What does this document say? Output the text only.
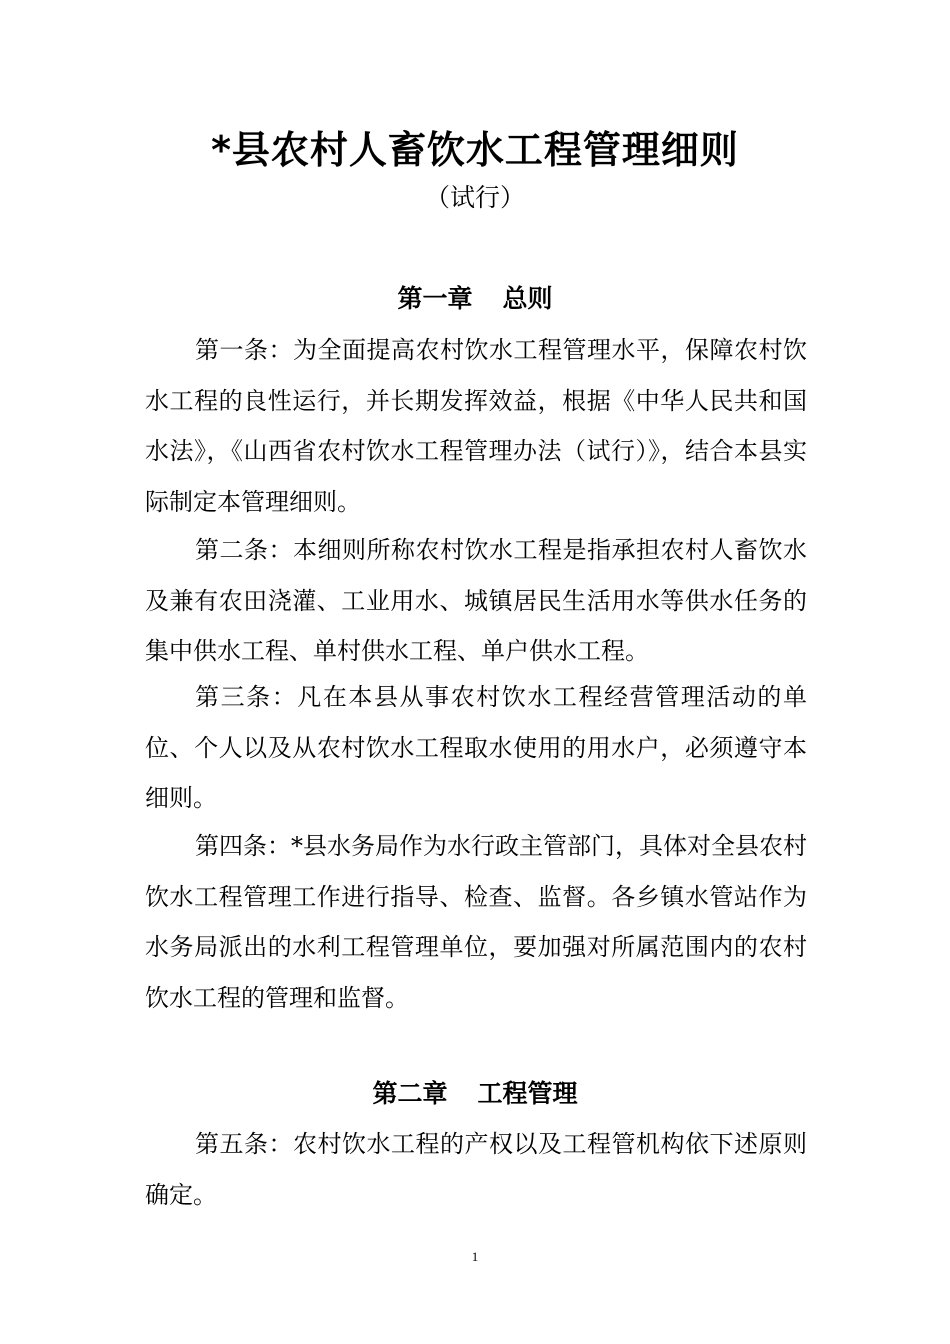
*县农村人畜饮水工程管理细则

（试行）

第一章 总则

第一条：为全面提高农村饮水工程管理水平，保障农村饮水工程的良性运行，并长期发挥效益，根据《中华人民共和国水法》，《山西省农村饮水工程管理办法（试行）》，结合本县实际制定本管理细则。

第二条：本细则所称农村饮水工程是指承担农村人畜饮水及兼有农田浇灌、工业用水、城镇居民生活用水等供水任务的集中供水工程、单村供水工程、单户供水工程。

第三条：凡在本县从事农村饮水工程经营管理活动的单位、个人以及从农村饮水工程取水使用的用水户，必须遵守本细则。

第四条：*县水务局作为水行政主管部门，具体对全县农村饮水工程管理工作进行指导、检查、监督。各乡镇水管站作为水务局派出的水利工程管理单位，要加强对所属范围内的农村饮水工程的管理和监督。

第二章 工程管理

第五条：农村饮水工程的产权以及工程管机构依下述原则确定。

1
